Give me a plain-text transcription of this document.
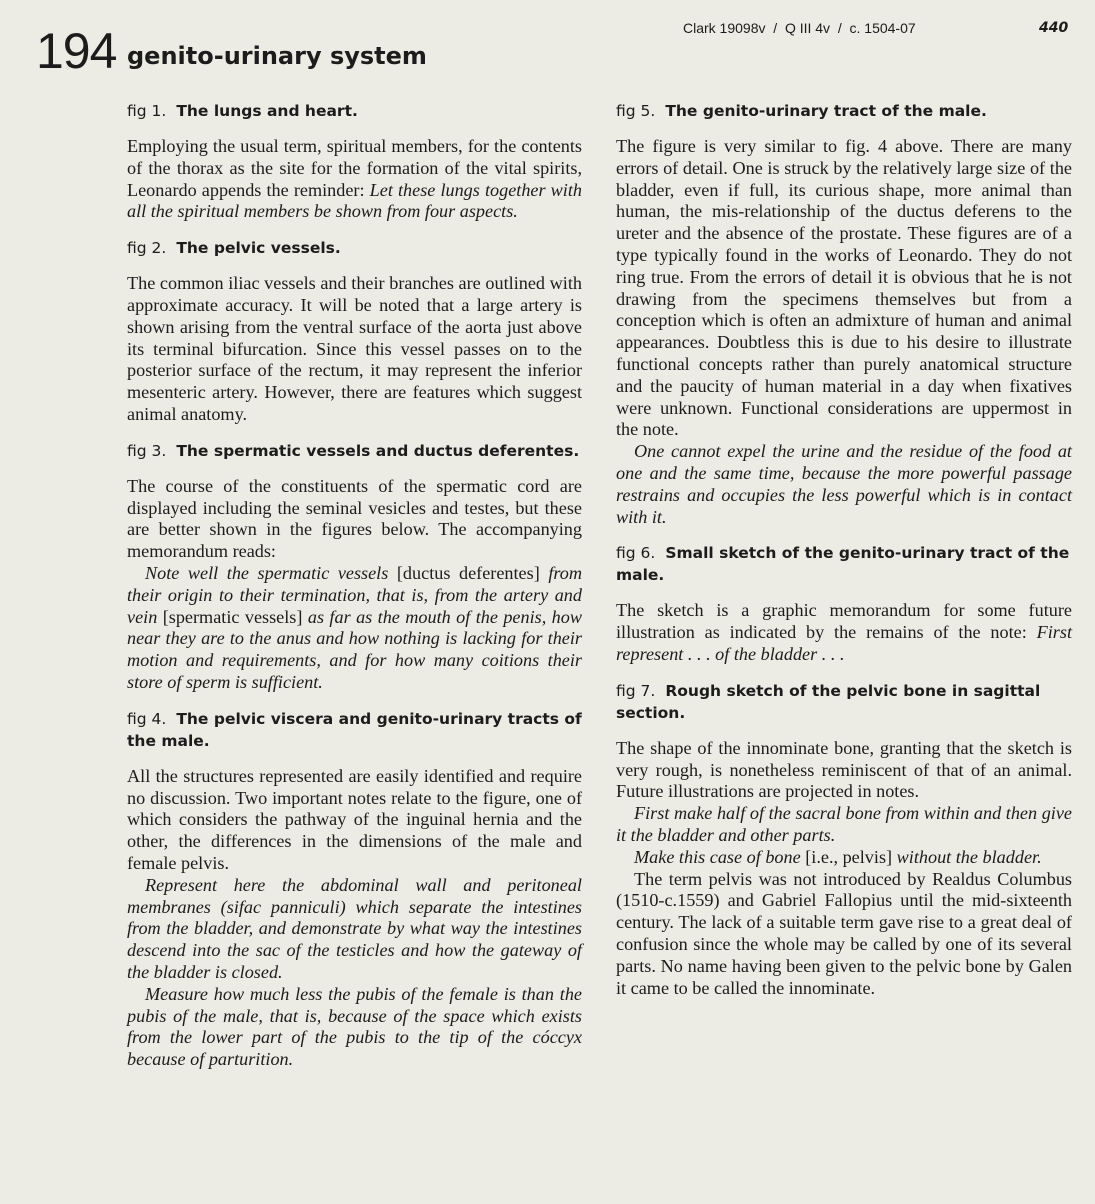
194 genito-urinary system
Clark 19098v  /  Q III 4v  /  c. 1504-07	440
fig 1. The lungs and heart.

Employing the usual term, spiritual members, for the contents of the thorax as the site for the formation of the vital spirits, Leonardo appends the reminder: Let these lungs together with all the spiritual members be shown from four aspects.

fig 2. The pelvic vessels.

The common iliac vessels and their branches are outlined with approximate accuracy. It will be noted that a large artery is shown arising from the ventral surface of the aorta just above its terminal bifurcation. Since this vessel passes on to the posterior surface of the rectum, it may represent the inferior mesenteric artery. However, there are features which suggest animal anatomy.

fig 3. The spermatic vessels and ductus deferentes.

The course of the constituents of the spermatic cord are displayed including the seminal vesicles and testes, but these are better shown in the figures below. The accompanying memorandum reads:

Note well the spermatic vessels [ductus deferentes] from their origin to their termination, that is, from the artery and vein [spermatic vessels] as far as the mouth of the penis, how near they are to the anus and how nothing is lacking for their motion and requirements, and for how many coitions their store of sperm is sufficient.

fig 4. The pelvic viscera and genito-urinary tracts of the male.

All the structures represented are easily identified and require no discussion. Two important notes relate to the figure, one of which considers the pathway of the inguinal hernia and the other, the differences in the dimensions of the male and female pelvis.

Represent here the abdominal wall and peritoneal membranes (sifac panniculi) which separate the intestines from the bladder, and demonstrate by what way the intestines descend into the sac of the testicles and how the gateway of the bladder is closed.

Measure how much less the pubis of the female is than the pubis of the male, that is, because of the space which exists from the lower part of the pubis to the tip of the cóccyx because of parturition.

fig 5. The genito-urinary tract of the male.

The figure is very similar to fig. 4 above. There are many errors of detail. One is struck by the relatively large size of the bladder, even if full, its curious shape, more animal than human, the mis-relationship of the ductus deferens to the ureter and the absence of the prostate. These figures are of a type typically found in the works of Leonardo. They do not ring true. From the errors of detail it is obvious that he is not drawing from the specimens themselves but from a conception which is often an admixture of human and animal appearances. Doubtless this is due to his desire to illustrate functional concepts rather than purely anatomical structure and the paucity of human material in a day when fixatives were unknown. Functional considerations are uppermost in the note.

One cannot expel the urine and the residue of the food at one and the same time, because the more powerful passage restrains and occupies the less powerful which is in contact with it.

fig 6. Small sketch of the genito-urinary tract of the male.

The sketch is a graphic memorandum for some future illustration as indicated by the remains of the note: First represent . . . of the bladder . . .

fig 7. Rough sketch of the pelvic bone in sagittal section.

The shape of the innominate bone, granting that the sketch is very rough, is nonetheless reminiscent of that of an animal. Future illustrations are projected in notes.

First make half of the sacral bone from within and then give it the bladder and other parts.

Make this case of bone [i.e., pelvis] without the bladder.

The term pelvis was not introduced by Realdus Columbus (1510-c.1559) and Gabriel Fallopius until the mid-sixteenth century. The lack of a suitable term gave rise to a great deal of confusion since the whole may be called by one of its several parts. No name having been given to the pelvic bone by Galen it came to be called the innominate.
